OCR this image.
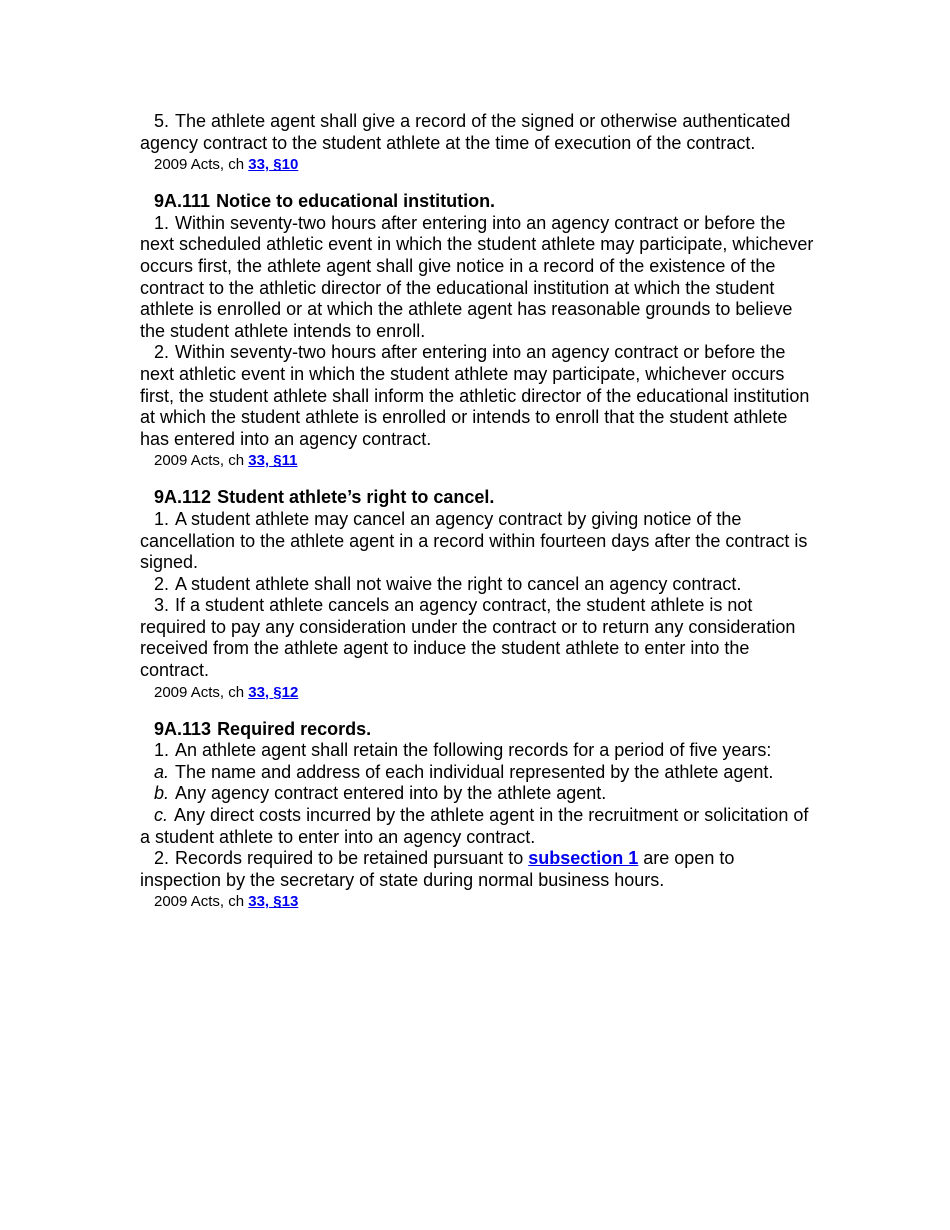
5. The athlete agent shall give a record of the signed or otherwise authenticated agency contract to the student athlete at the time of execution of the contract.

2009 Acts, ch 33, §10

9A.111 Notice to educational institution.

1. Within seventy-two hours after entering into an agency contract or before the next scheduled athletic event in which the student athlete may participate, whichever occurs first, the athlete agent shall give notice in a record of the existence of the contract to the athletic director of the educational institution at which the student athlete is enrolled or at which the athlete agent has reasonable grounds to believe the student athlete intends to enroll.

2. Within seventy-two hours after entering into an agency contract or before the next athletic event in which the student athlete may participate, whichever occurs first, the student athlete shall inform the athletic director of the educational institution at which the student athlete is enrolled or intends to enroll that the student athlete has entered into an agency contract.

2009 Acts, ch 33, §11

9A.112 Student athlete’s right to cancel.

1. A student athlete may cancel an agency contract by giving notice of the cancellation to the athlete agent in a record within fourteen days after the contract is signed.

2. A student athlete shall not waive the right to cancel an agency contract.

3. If a student athlete cancels an agency contract, the student athlete is not required to pay any consideration under the contract or to return any consideration received from the athlete agent to induce the student athlete to enter into the contract.

2009 Acts, ch 33, §12

9A.113 Required records.

1. An athlete agent shall retain the following records for a period of five years:

a. The name and address of each individual represented by the athlete agent.

b. Any agency contract entered into by the athlete agent.

c. Any direct costs incurred by the athlete agent in the recruitment or solicitation of a student athlete to enter into an agency contract.

2. Records required to be retained pursuant to subsection 1 are open to inspection by the secretary of state during normal business hours.

2009 Acts, ch 33, §13
